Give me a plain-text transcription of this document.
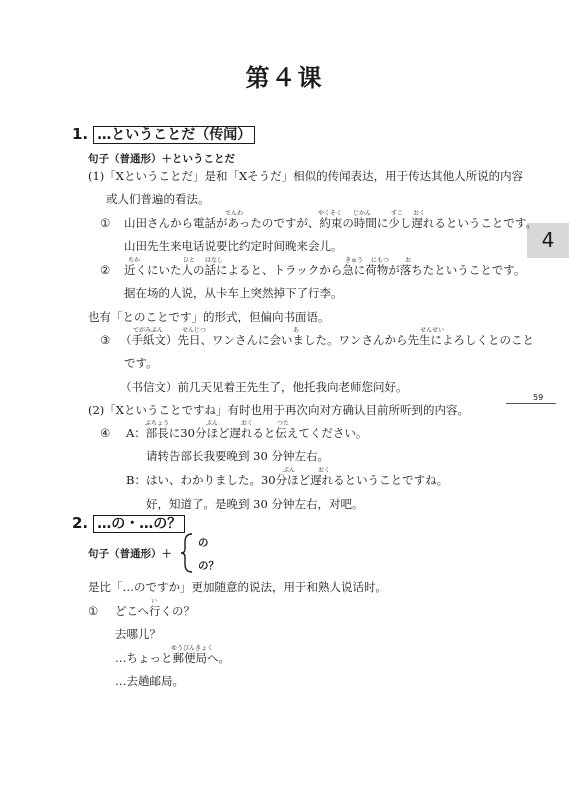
第４课
4
59
1. …ということだ（传闻）
句子（普通形）＋ということだ
(1)「Xということだ」是和「Xそうだ」相似的传闻表达，用于传达其他人所说的内容
或人们普遍的看法。
でんわ	やくそく じかん	すこ おく
① 山田さんから電話があったのですが、約束の時間に少し遅れるということです。
山田先生来电话说要比约定时间晚来会儿。
ちか	ひと はなし	きゅう にもつ	お
② 近くにいた人の話によると、トラックから急に荷物が落ちたということです。
据在场的人说，从卡车上突然掉下了行李。
也有「とのことです」的形式，但偏向书面语。
てがみぶん	せんじつ	あ	せんせい
③ （手紙文）先日、ワンさんに会いました。ワンさんから先生によろしくとのこと
です。
（书信文）前几天见着王先生了，他托我向老师您问好。
(2)「Xということですね」有时也用于再次向对方确认目前所听到的内容。
ぶちょう	ぷん	おく	つた
④ A：部長に30分ほど遅れると伝えてください。
请转告部长我要晚到 30 分钟左右。
ぷん	おく
B：はい、わかりました。30分ほど遅れるということですね。
好，知道了。是晚到 30 分钟左右，对吧。
2. …の・…の？
句子（普通形）＋
の
の？
是比「…のですか」更加随意的说法，用于和熟人说话时。
い
① どこへ行くの？
去哪儿？
ゆうびんきょく
…ちょっと郵便局へ。
…去趟邮局。
